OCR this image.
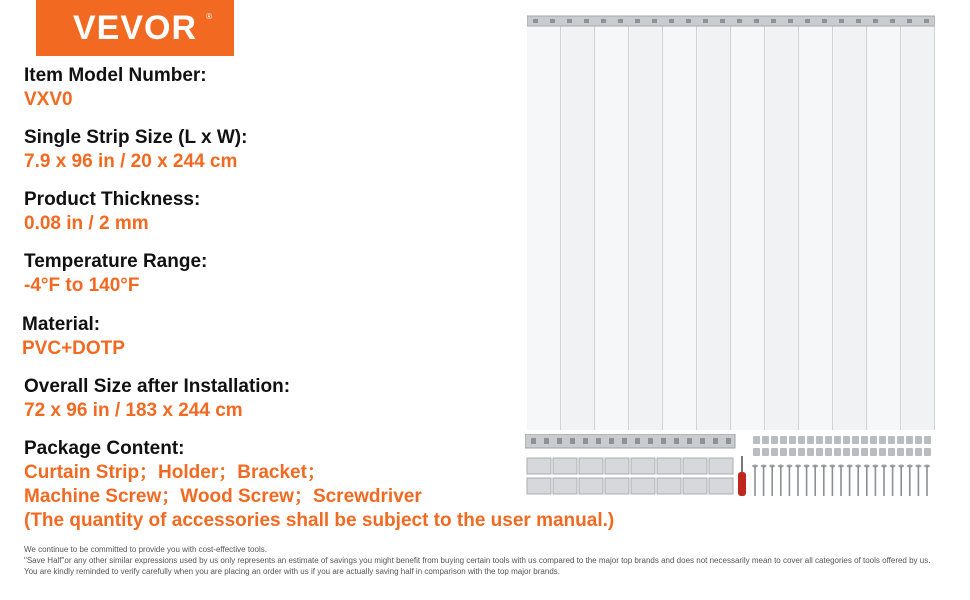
VEVOR ®
Item Model Number:
VXV0
Single Strip Size (L x W):
7.9 x 96 in / 20 x 244 cm
Product Thickness:
0.08 in / 2 mm
Temperature Range:
-4°F to 140°F
Material:
PVC+DOTP
Overall Size after Installation:
72 x 96 in / 183 x 244 cm
Package Content:
Curtain Strip；Holder；Bracket；
Machine Screw；Wood Screw；Screwdriver
(The quantity of accessories shall be subject to the user manual.)
We continue to be committed to provide you with cost-effective tools.
"Save Half"or any other similar expressions used by us only represents an estimate of savings you might benefit from buying certain tools with us compared to the major top brands and does not necessarily mean to cover all categories of tools offered by us.
You are kindly reminded to verify carefully when you are placing an order with us if you are actually saving half in comparison with the top major brands.
